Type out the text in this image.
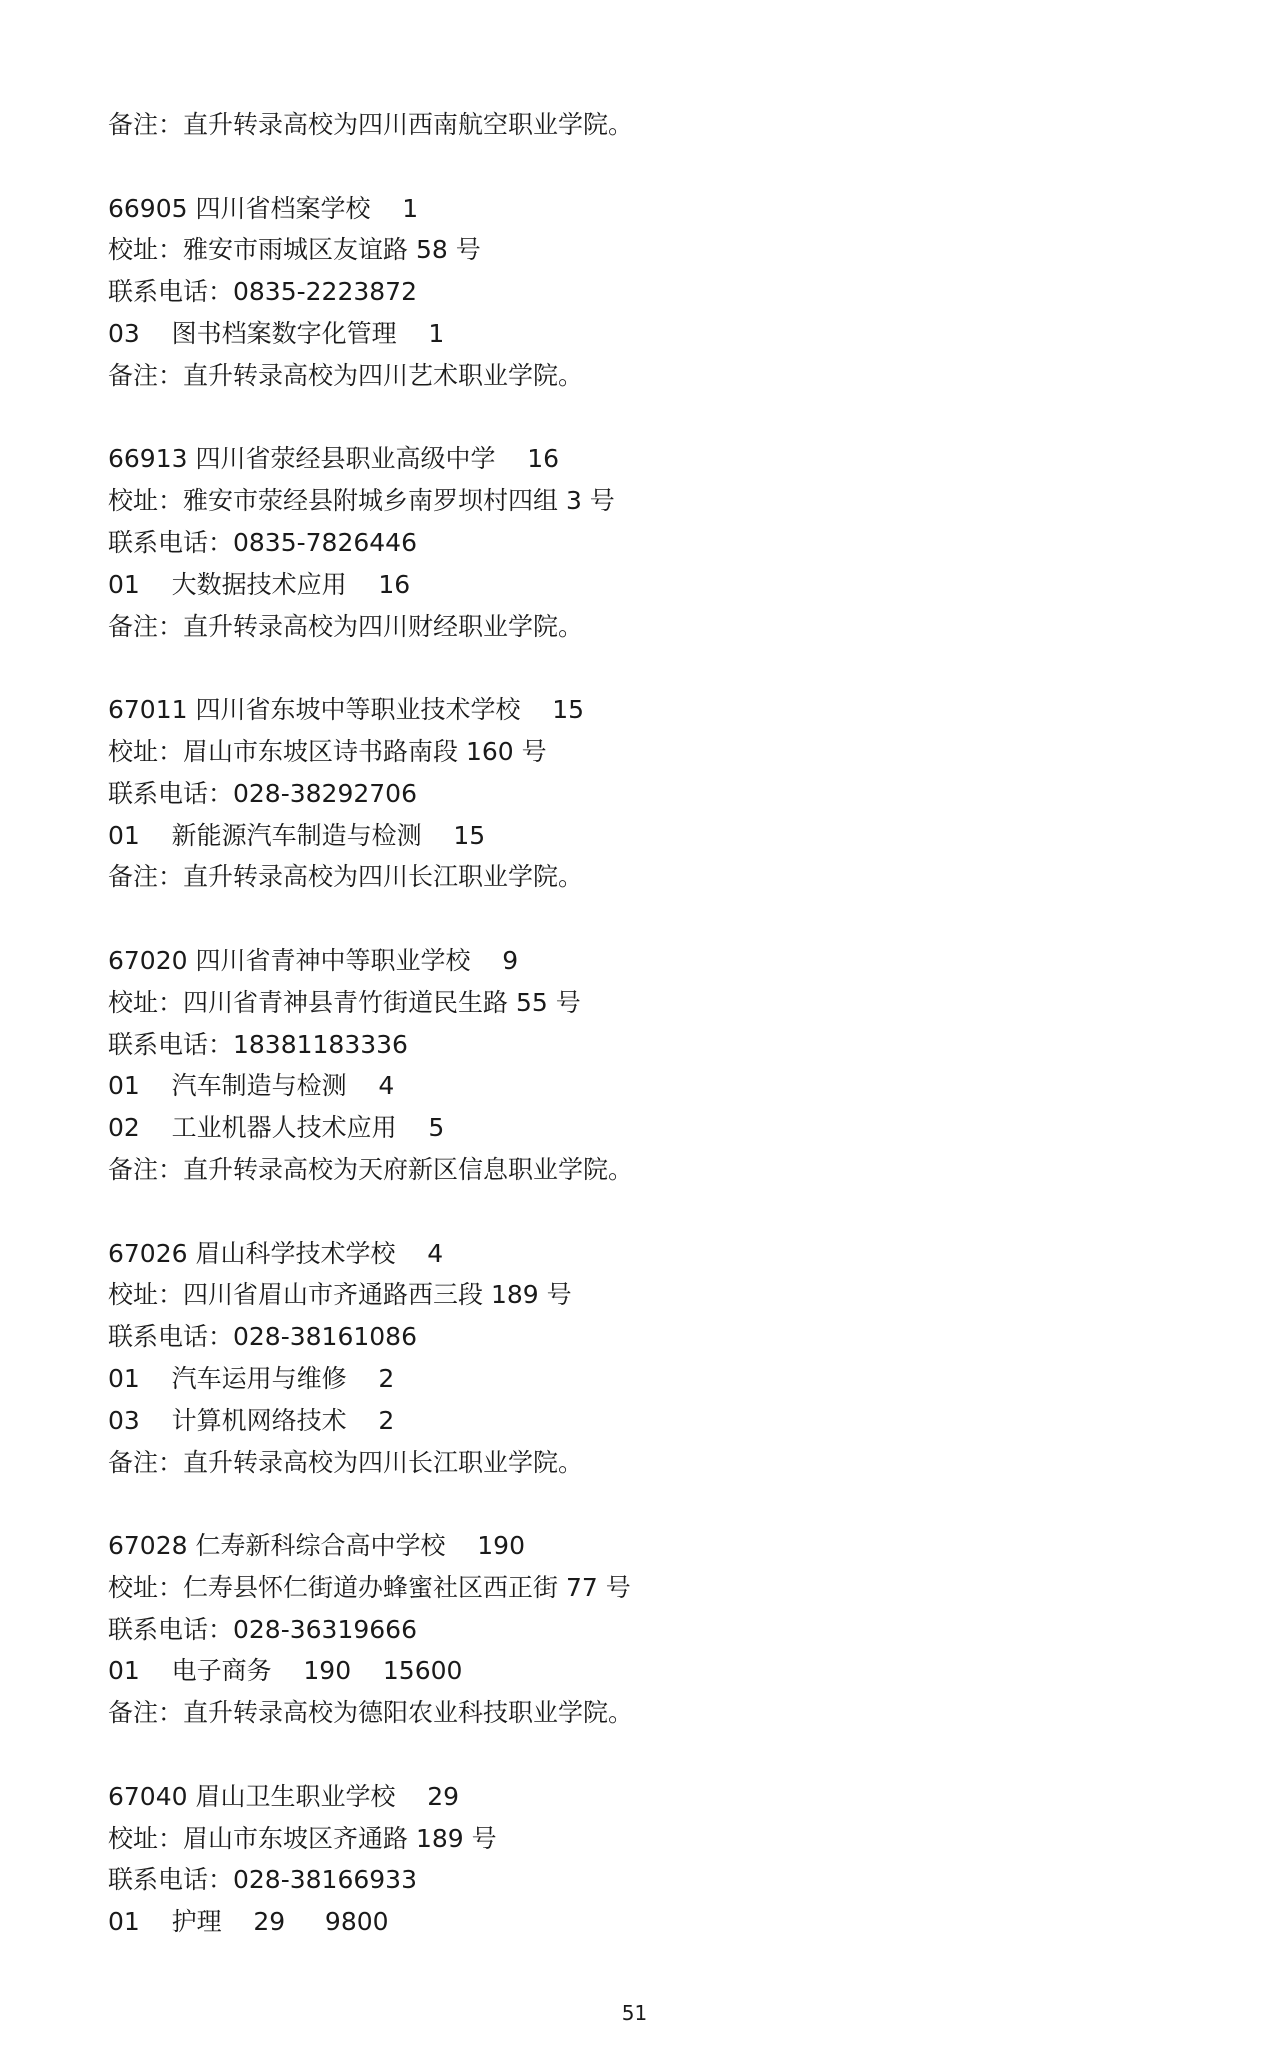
备注：直升转录高校为四川西南航空职业学院。
66905 四川省档案学校    1
校址：雅安市雨城区友谊路 58 号
联系电话：0835-2223872
03    图书档案数字化管理    1
备注：直升转录高校为四川艺术职业学院。
66913 四川省荥经县职业高级中学    16
校址：雅安市荥经县附城乡南罗坝村四组 3 号
联系电话：0835-7826446
01    大数据技术应用    16
备注：直升转录高校为四川财经职业学院。
67011 四川省东坡中等职业技术学校    15
校址：眉山市东坡区诗书路南段 160 号
联系电话：028-38292706
01    新能源汽车制造与检测    15
备注：直升转录高校为四川长江职业学院。
67020 四川省青神中等职业学校    9
校址：四川省青神县青竹街道民生路 55 号
联系电话：18381183336
01    汽车制造与检测    4
02    工业机器人技术应用    5
备注：直升转录高校为天府新区信息职业学院。
67026 眉山科学技术学校    4
校址：四川省眉山市齐通路西三段 189 号
联系电话：028-38161086
01    汽车运用与维修    2
03    计算机网络技术    2
备注：直升转录高校为四川长江职业学院。
67028 仁寿新科综合高中学校    190
校址：仁寿县怀仁街道办蜂蜜社区西正街 77 号
联系电话：028-36319666
01    电子商务    190    15600
备注：直升转录高校为德阳农业科技职业学院。
67040 眉山卫生职业学校    29
校址：眉山市东坡区齐通路 189 号
联系电话：028-38166933
01    护理    29     9800
51
